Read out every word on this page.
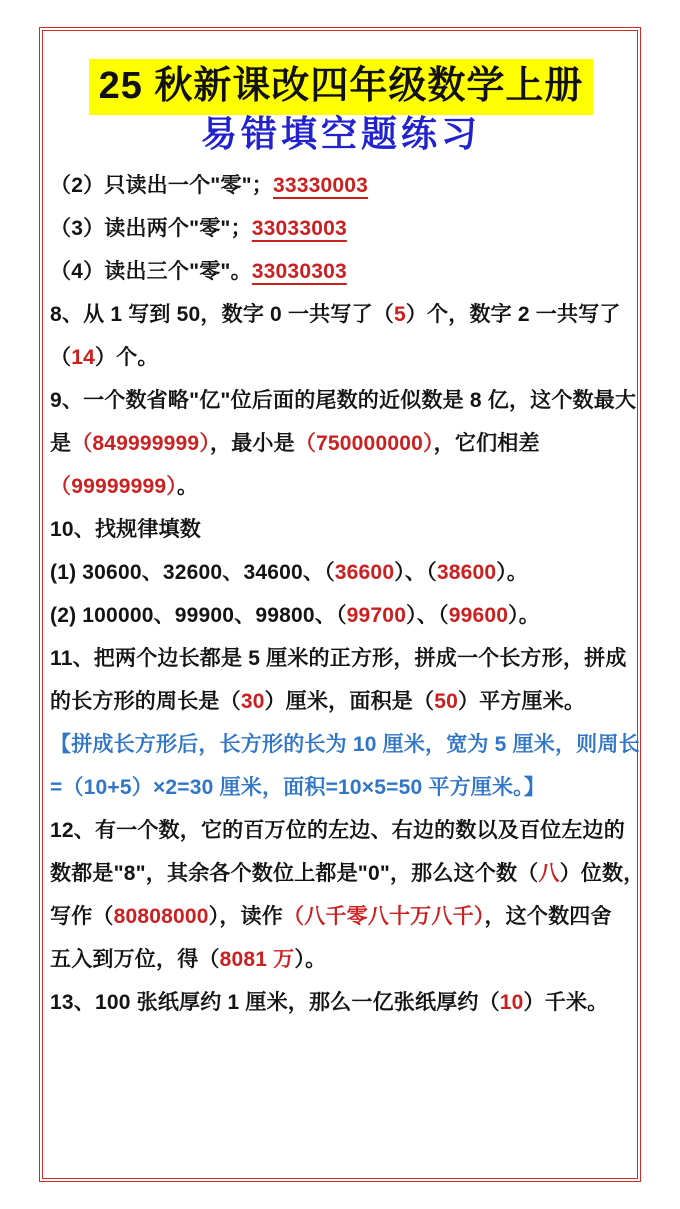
25 秋新课改四年级数学上册
易错填空题练习
（2）只读出一个"零"；33330003
（3）读出两个"零"；33033003
（4）读出三个"零"。33030303
8、从 1 写到 50，数字 0 一共写了（5）个，数字 2 一共写了
（14）个。
9、一个数省略"亿"位后面的尾数的近似数是 8 亿，这个数最大
是（849999999），最小是（750000000），它们相差
（99999999）。
10、找规律填数
(1) 30600、32600、34600、（36600）、（38600）。
(2) 100000、99900、99800、（99700）、（99600）。
11、把两个边长都是 5 厘米的正方形，拼成一个长方形，拼成
的长方形的周长是（30）厘米，面积是（50）平方厘米。
【拼成长方形后，长方形的长为 10 厘米，宽为 5 厘米，则周长
=（10+5）×2=30 厘米，面积=10×5=50 平方厘米。】
12、有一个数，它的百万位的左边、右边的数以及百位左边的
数都是"8"，其余各个数位上都是"0"，那么这个数（八）位数，
写作（80808000），读作（八千零八十万八千），这个数四舍
五入到万位，得（8081 万）。
13、100 张纸厚约 1 厘米，那么一亿张纸厚约（10）千米。
